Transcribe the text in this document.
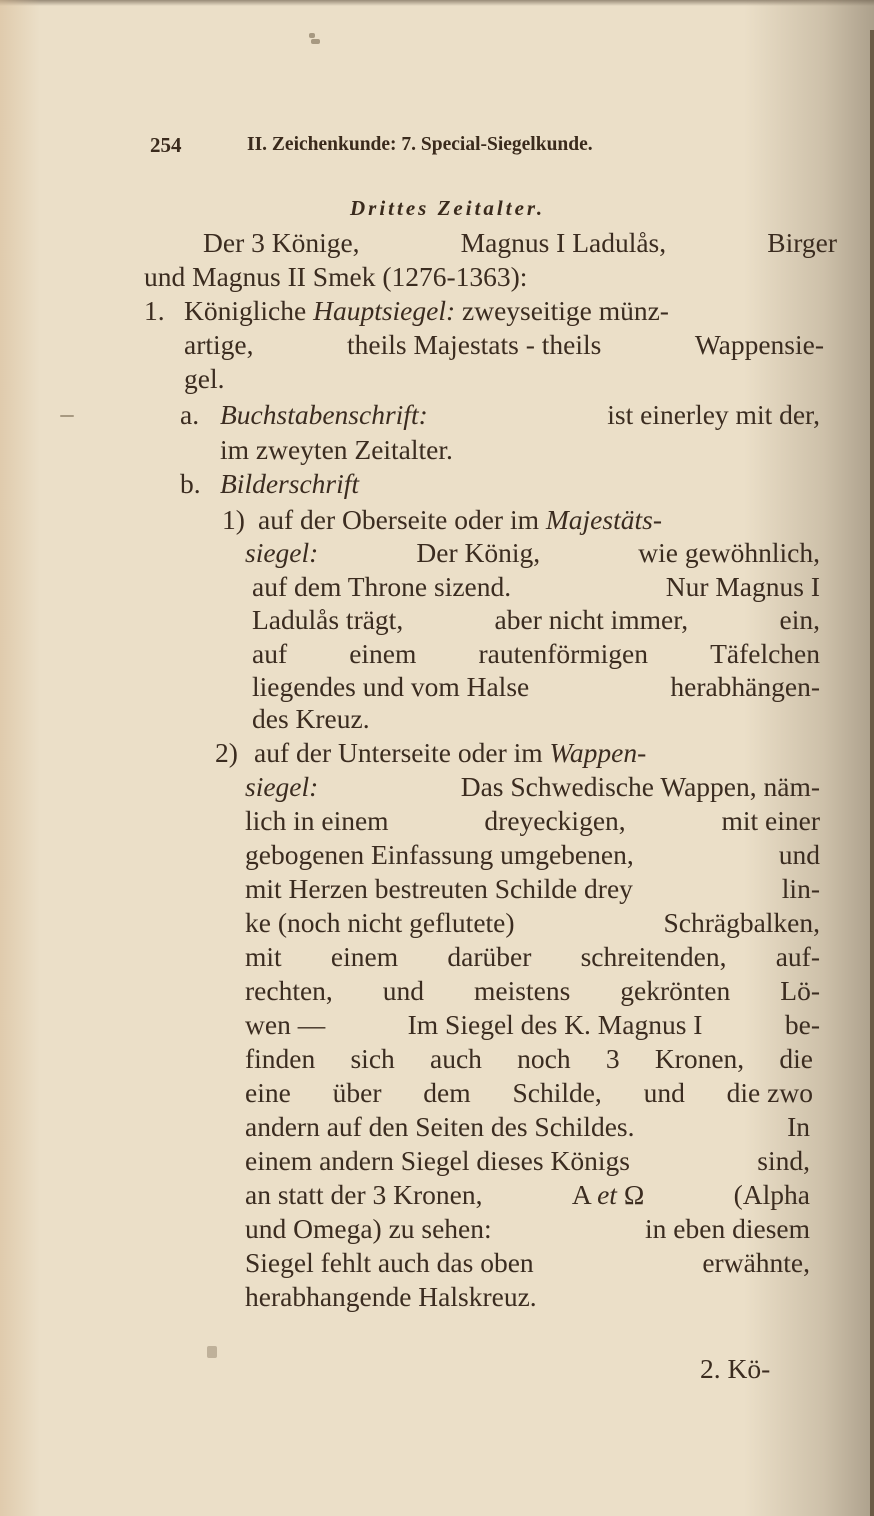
254	II. Zeichenkunde: 7. Special-Siegelkunde.
Drittes Zeitalter.
Der 3 Könige,	Magnus I Ladulås,	Birger
und Magnus II Smek (1276-1363):
1. Königliche Hauptsiegel: zweyseitige münz-
artige,	theils Majestats - theils	Wappensie-
gel.
a. Buchstabenschrift:	ist einerley mit der,
im zweyten Zeitalter.
b. Bilderschrift
1) auf der Oberseite oder im Majestäts-
siegel:	Der König,	wie gewöhnlich,
auf dem Throne sizend.	Nur Magnus I
Ladulås trägt,	aber nicht immer,	ein,
auf einem rautenförmigen Täfelchen
liegendes und vom Halse	herabhängen-
des Kreuz.
2) auf der Unterseite oder im Wappen-
siegel:	Das Schwedische Wappen, näm-
lich in einem	dreyeckigen,	mit einer
gebogenen Einfassung umgebenen,	und
mit Herzen bestreuten Schilde drey	lin-
ke (noch nicht geflutete)	Schrägbalken,
mit einem darüber schreitenden, auf-
rechten, und meistens gekrönten Lö-
wen —	Im Siegel des K. Magnus I	be-
finden sich auch noch 3 Kronen, die
eine über dem Schilde, und die zwo
andern auf den Seiten des Schildes.	In
einem andern Siegel dieses Königs	sind,
an statt der 3 Kronen,	A et Ω	(Alpha
und Omega) zu sehen:	in eben diesem
Siegel fehlt auch das oben	erwähnte,
herabhangende Halskreuz.
2. Kö-
